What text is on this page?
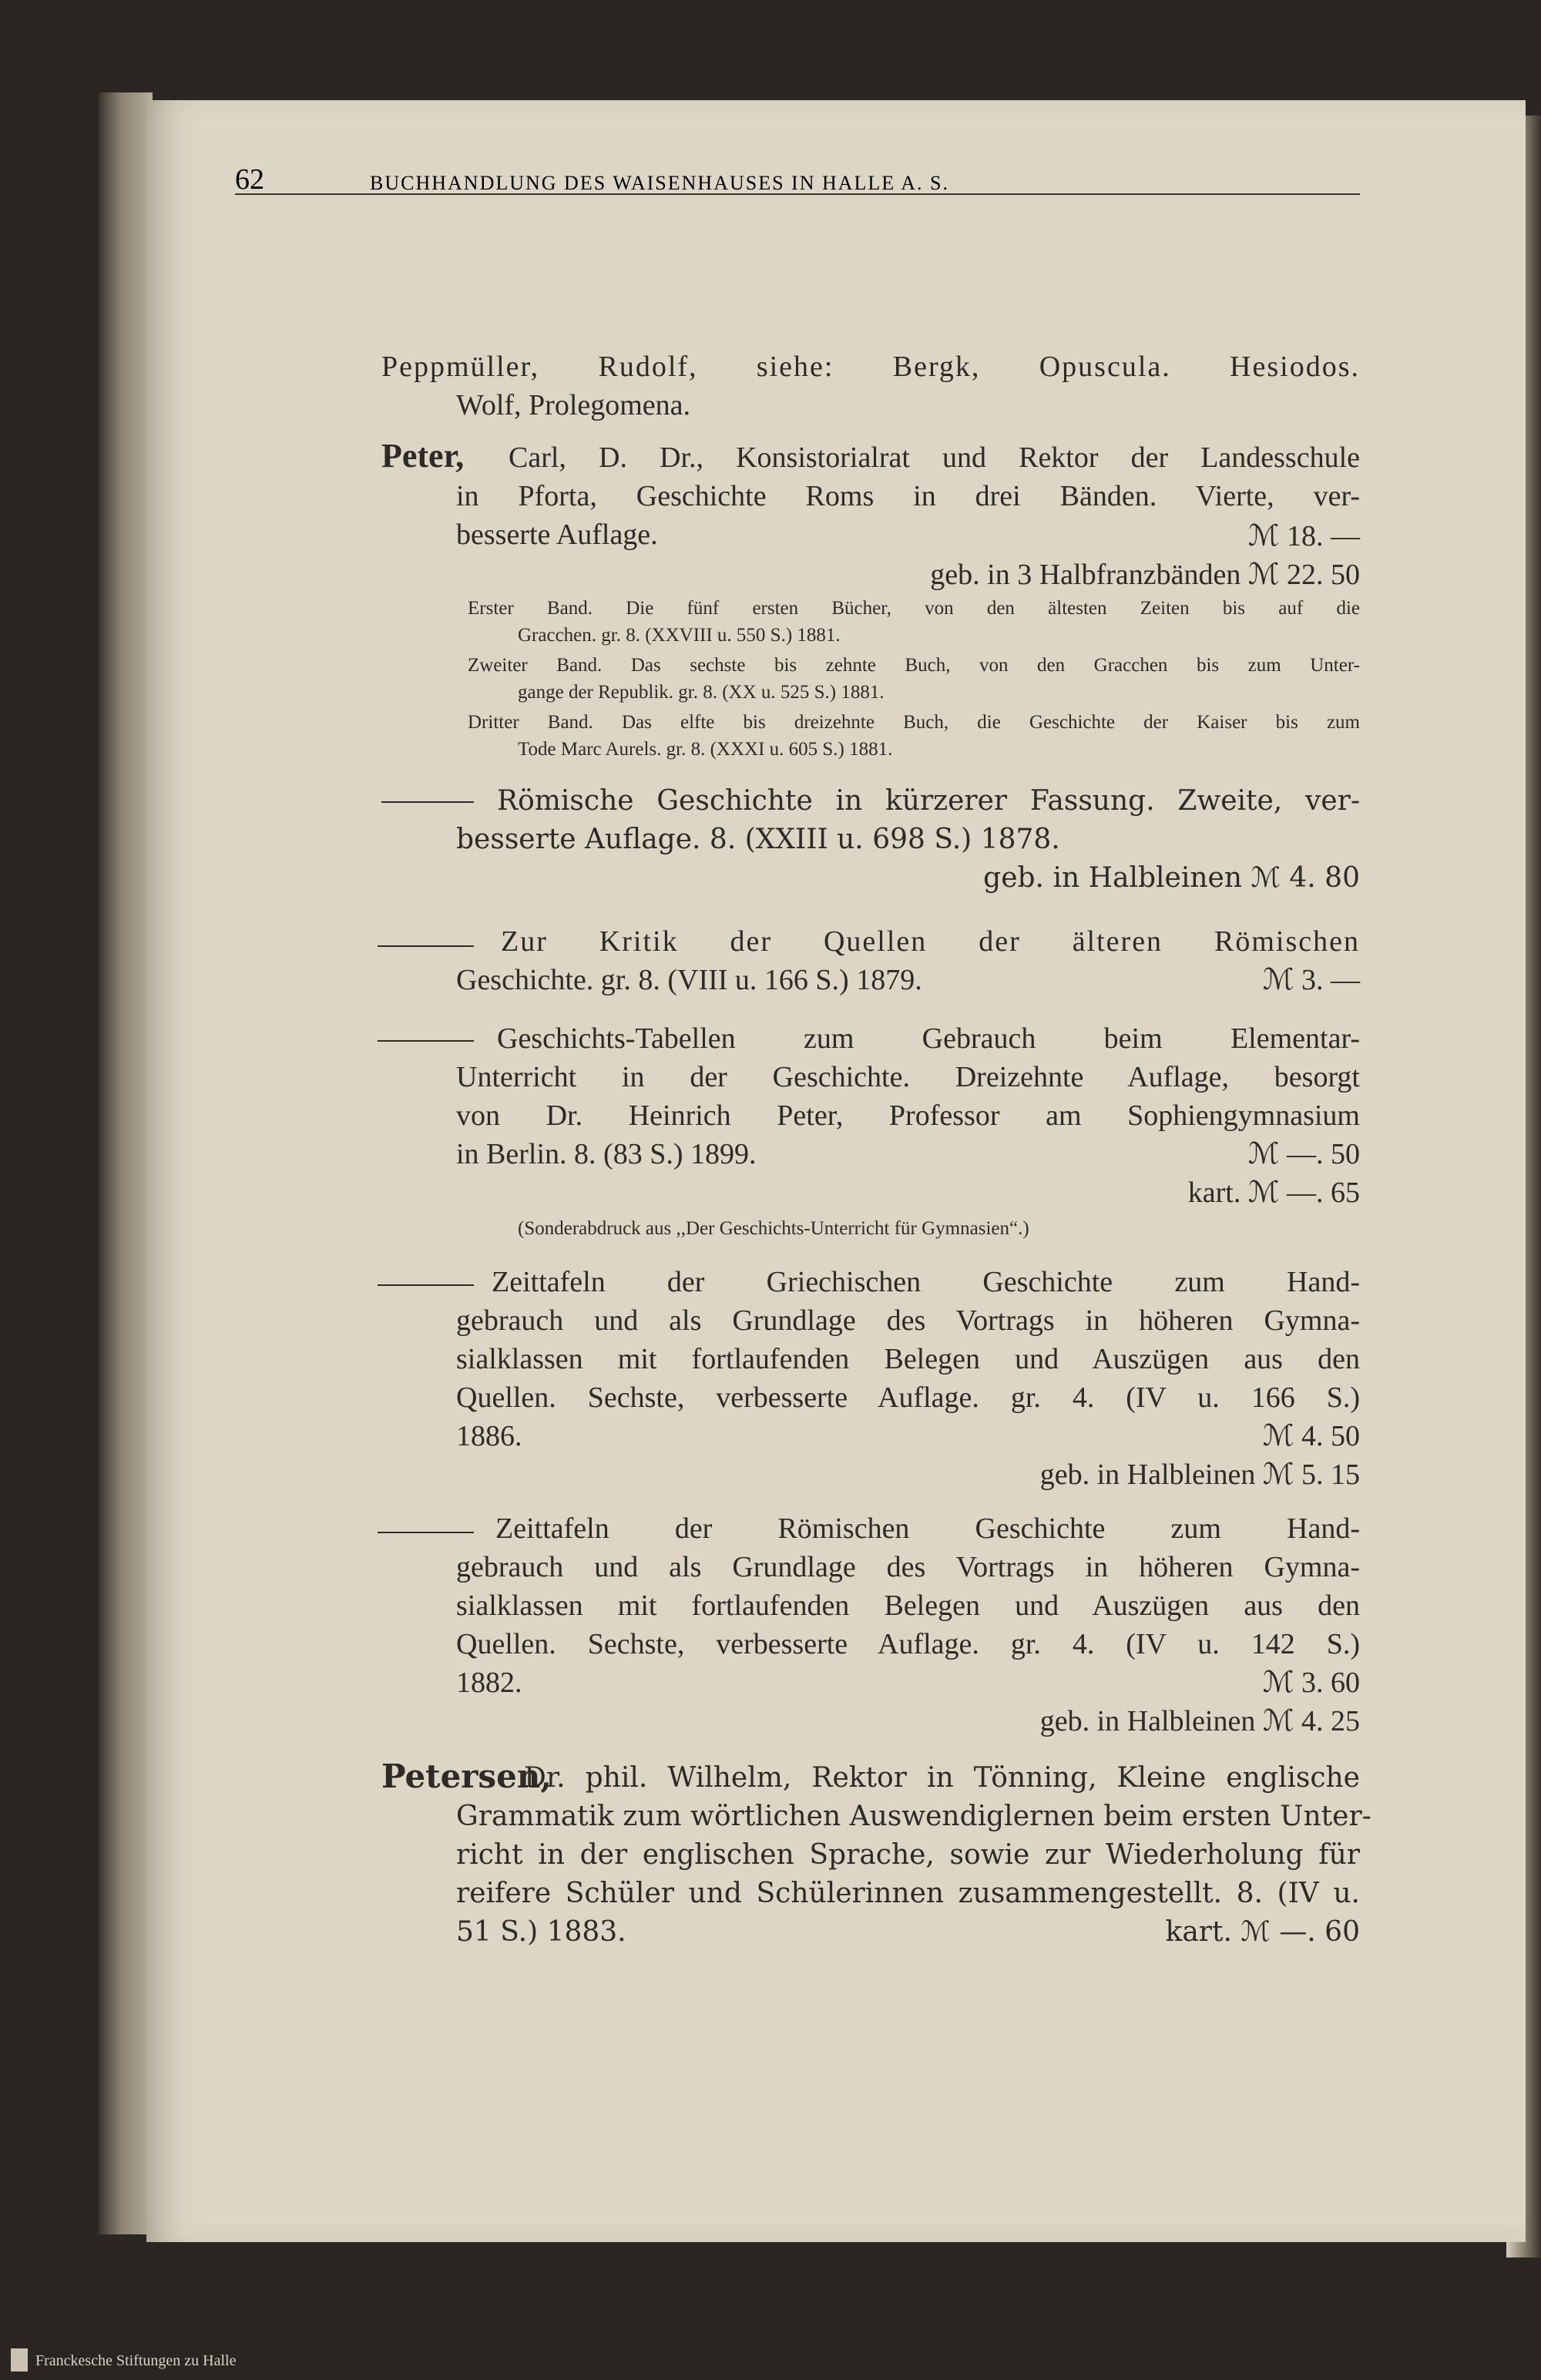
62	BUCHHANDLUNG DES WAISENHAUSES IN HALLE A. S.
Peppmüller, Rudolf, siehe: Bergk, Opuscula. Hesiodos.
Wolf, Prolegomena.
Peter, Carl, D. Dr., Konsistorialrat und Rektor der Landesschule
in Pforta, Geschichte Roms in drei Bänden. Vierte, ver-
besserte Auflage.	ℳ 18. —
geb. in 3 Halbfranzbänden ℳ 22. 50
Erster Band. Die fünf ersten Bücher, von den ältesten Zeiten bis auf die
Gracchen. gr. 8. (XXVIII u. 550 S.) 1881.
Zweiter Band. Das sechste bis zehnte Buch, von den Gracchen bis zum Unter-
gange der Republik. gr. 8. (XX u. 525 S.) 1881.
Dritter Band. Das elfte bis dreizehnte Buch, die Geschichte der Kaiser bis zum
Tode Marc Aurels. gr. 8. (XXXI u. 605 S.) 1881.
Römische Geschichte in kürzerer Fassung. Zweite, ver-
besserte Auflage. 8. (XXIII u. 698 S.) 1878.
geb. in Halbleinen ℳ 4. 80
Zur Kritik der Quellen der älteren Römischen
Geschichte. gr. 8. (VIII u. 166 S.) 1879.	ℳ 3. —
Geschichts-Tabellen zum Gebrauch beim Elementar-
Unterricht in der Geschichte. Dreizehnte Auflage, besorgt
von Dr. Heinrich Peter, Professor am Sophiengymnasium
in Berlin. 8. (83 S.) 1899.	ℳ —. 50
kart. ℳ —. 65
(Sonderabdruck aus ,,Der Geschichts-Unterricht für Gymnasien“.)
Zeittafeln der Griechischen Geschichte zum Hand-
gebrauch und als Grundlage des Vortrags in höheren Gymna-
sialklassen mit fortlaufenden Belegen und Auszügen aus den
Quellen. Sechste, verbesserte Auflage. gr. 4. (IV u. 166 S.)
1886.	ℳ 4. 50
geb. in Halbleinen ℳ 5. 15
Zeittafeln der Römischen Geschichte zum Hand-
gebrauch und als Grundlage des Vortrags in höheren Gymna-
sialklassen mit fortlaufenden Belegen und Auszügen aus den
Quellen. Sechste, verbesserte Auflage. gr. 4. (IV u. 142 S.)
1882.	ℳ 3. 60
geb. in Halbleinen ℳ 4. 25
Petersen,
Dr. phil. Wilhelm, Rektor in Tönning, Kleine englische
Grammatik zum wörtlichen Auswendiglernen beim ersten Unter-
richt in der englischen Sprache, sowie zur Wiederholung für
reifere Schüler und Schülerinnen zusammengestellt. 8. (IV u.
51 S.) 1883.	kart. ℳ —. 60
Franckesche Stiftungen zu Halle
